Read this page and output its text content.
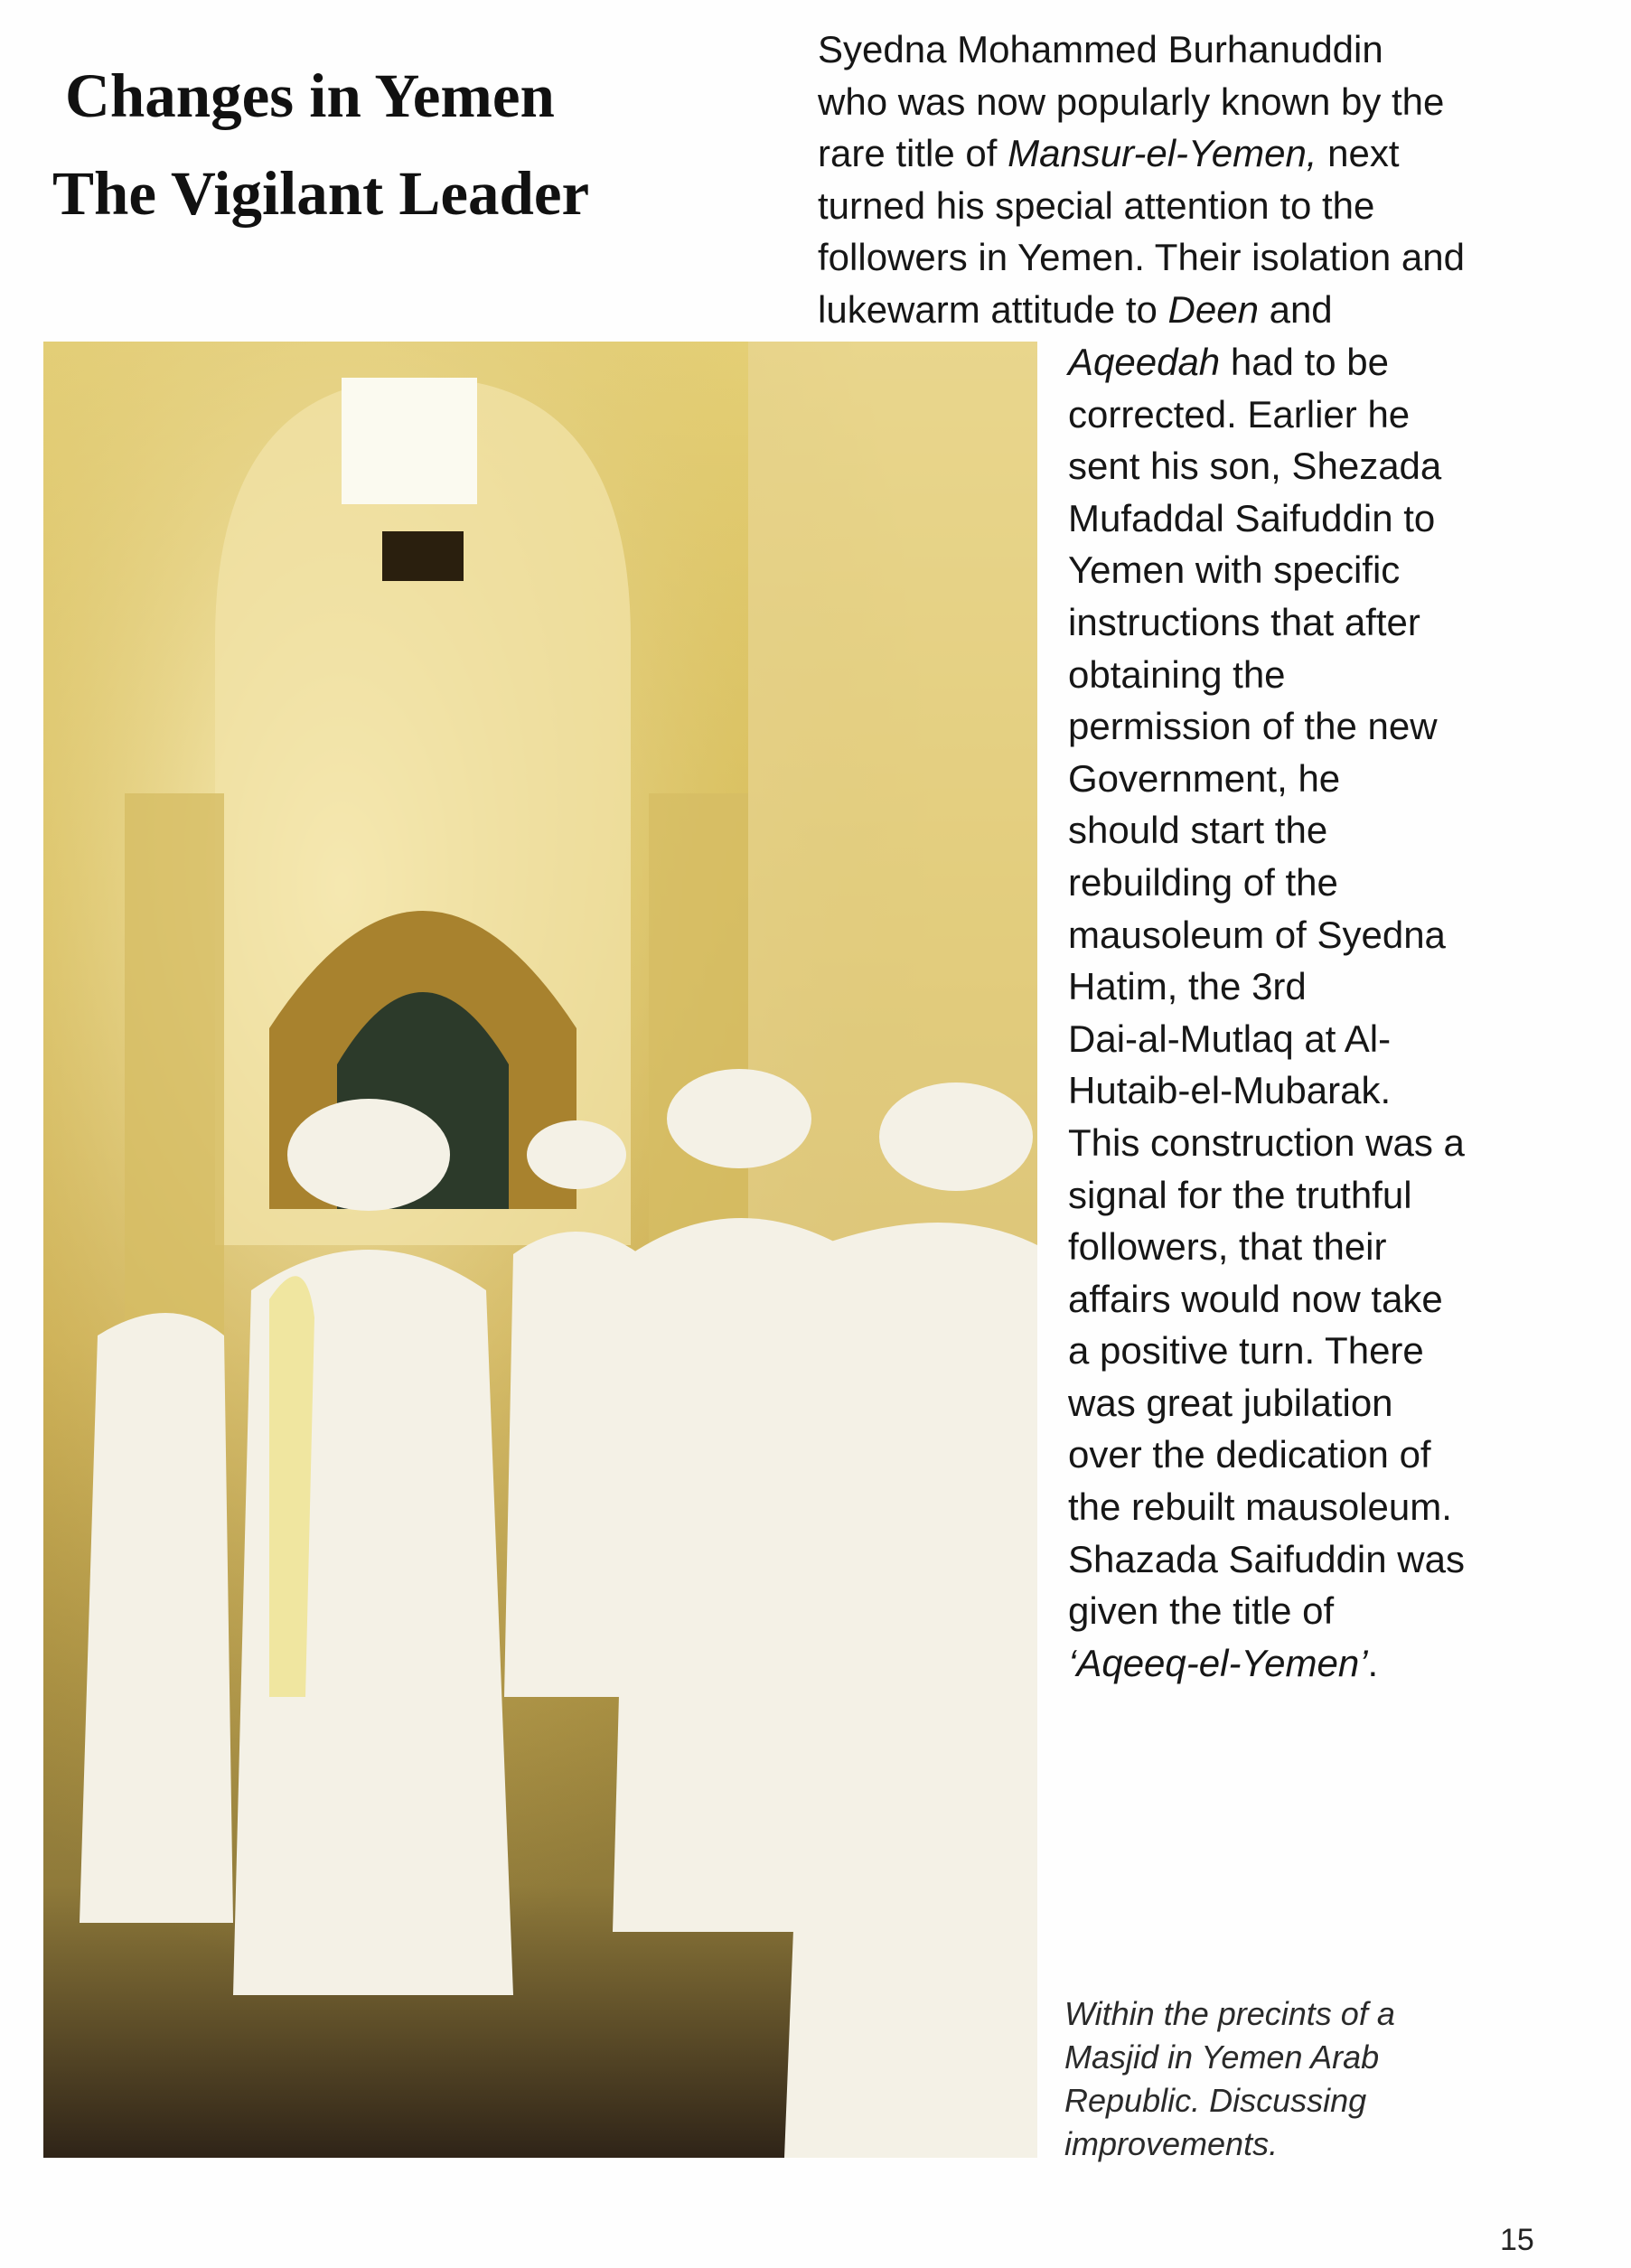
Changes in Yemen
The Vigilant Leader
Syedna Mohammed Burhanuddin
who was now popularly known by the
rare title of Mansur-el-Yemen, next
turned his special attention to the
followers in Yemen. Their isolation and
lukewarm attitude to Deen and
Aqeedah had to be
corrected. Earlier he
sent his son, Shezada
Mufaddal Saifuddin to
Yemen with specific
instructions that after
obtaining the
permission of the new
Government, he
should start the
rebuilding of the
mausoleum of Syedna
Hatim, the 3rd
Dai-al-Mutlaq at Al-
Hutaib-el-Mubarak.
This construction was a
signal for the truthful
followers, that their
affairs would now take
a positive turn. There
was great jubilation
over the dedication of
the rebuilt mausoleum.
Shazada Saifuddin was
given the title of
‘Aqeeq-el-Yemen’.
Within the precints of a
Masjid in Yemen Arab
Republic. Discussing
improvements.
15
